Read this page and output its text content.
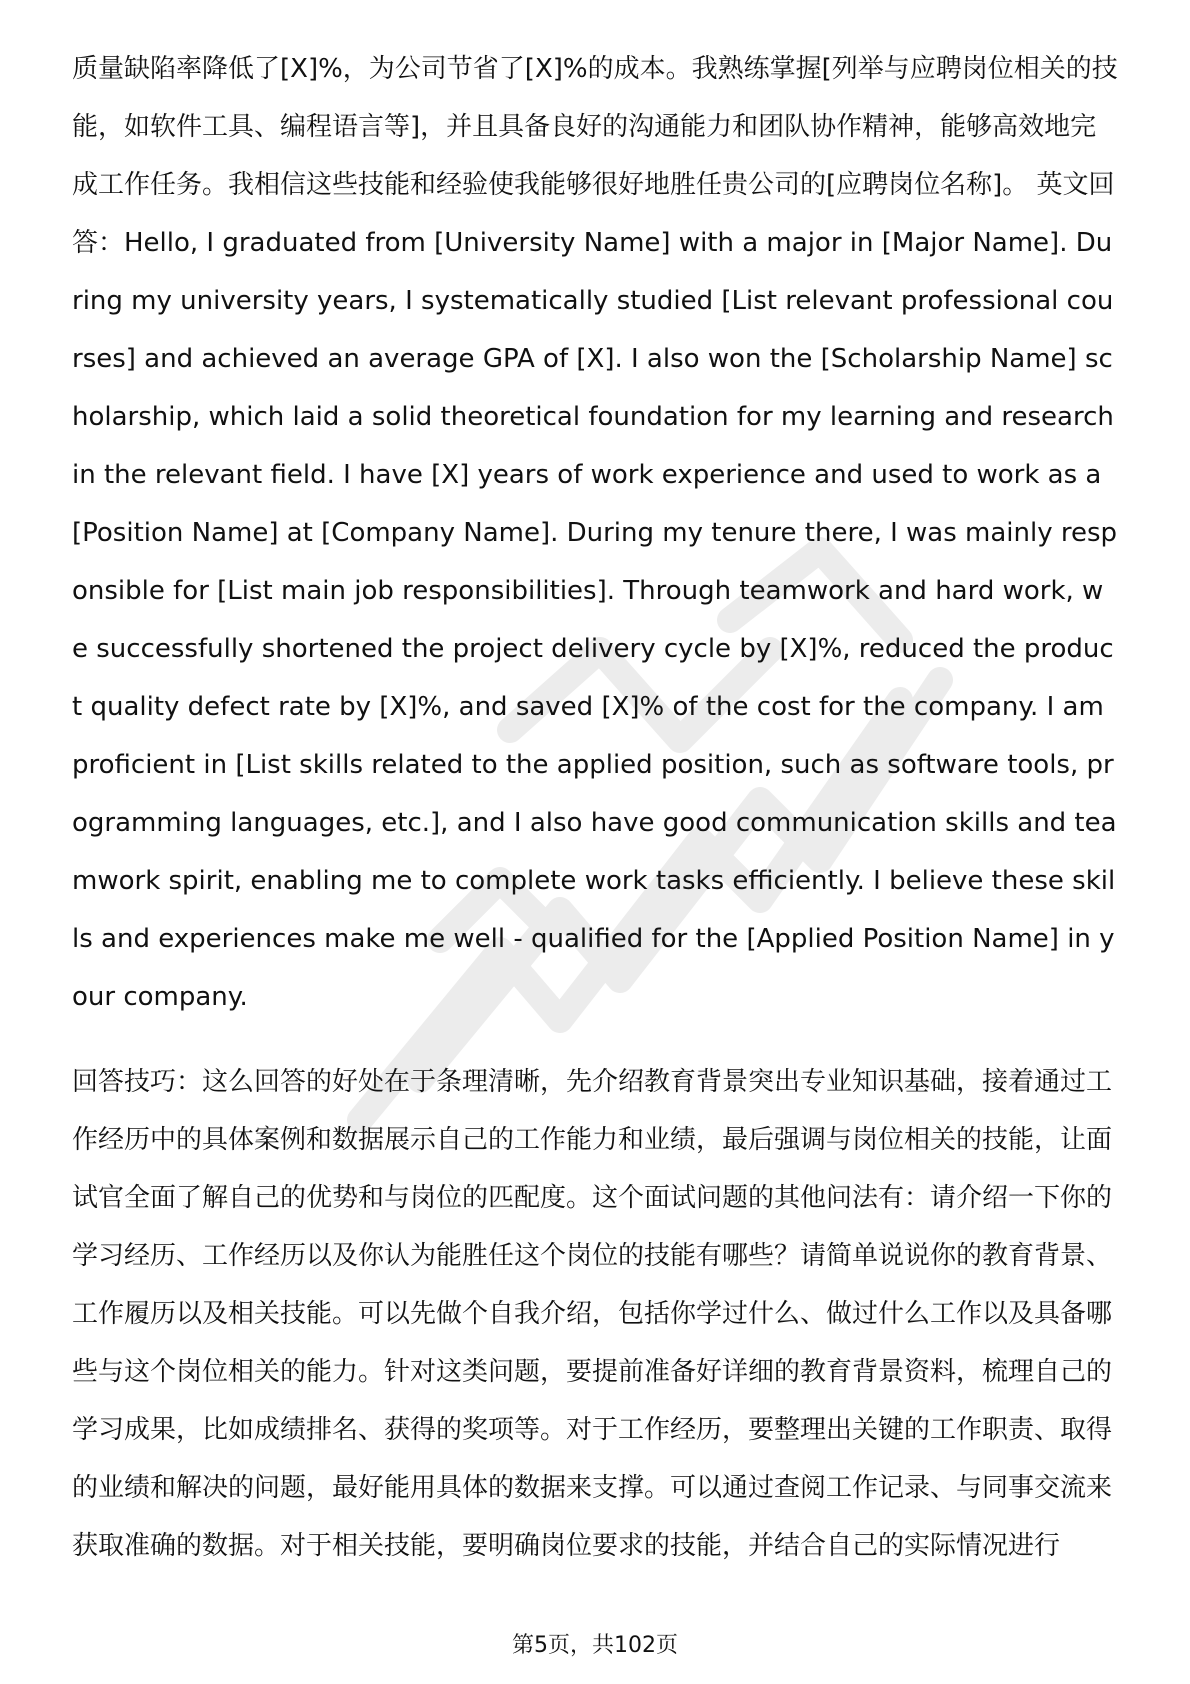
质量缺陷率降低了[X]%，为公司节省了[X]%的成本。我熟练掌握[列举与应聘岗位相关的技能，如软件工具、编程语言等]，并且具备良好的沟通能力和团队协作精神，能够高效地完成工作任务。我相信这些技能和经验使我能够很好地胜任贵公司的[应聘岗位名称]。 英文回答：Hello, I graduated from [University Name] with a major in [Major Name]. During my university years, I systematically studied [List relevant professional courses] and achieved an average GPA of [X]. I also won the [Scholarship Name] scholarship, which laid a solid theoretical foundation for my learning and research in the relevant field. I have [X] years of work experience and used to work as a [Position Name] at [Company Name]. During my tenure there, I was mainly responsible for [List main job responsibilities]. Through teamwork and hard work, we successfully shortened the project delivery cycle by [X]%, reduced the product quality defect rate by [X]%, and saved [X]% of the cost for the company. I am proficient in [List skills related to the applied position, such as software tools, programming languages, etc.], and I also have good communication skills and teamwork spirit, enabling me to complete work tasks efficiently. I believe these skills and experiences make me well - qualified for the [Applied Position Name] in your company.
回答技巧：这么回答的好处在于条理清晰，先介绍教育背景突出专业知识基础，接着通过工作经历中的具体案例和数据展示自己的工作能力和业绩，最后强调与岗位相关的技能，让面试官全面了解自己的优势和与岗位的匹配度。这个面试问题的其他问法有：请介绍一下你的学习经历、工作经历以及你认为能胜任这个岗位的技能有哪些？请简单说说你的教育背景、工作履历以及相关技能。可以先做个自我介绍，包括你学过什么、做过什么工作以及具备哪些与这个岗位相关的能力。针对这类问题，要提前准备好详细的教育背景资料，梳理自己的学习成果，比如成绩排名、获得的奖项等。对于工作经历，要整理出关键的工作职责、取得的业绩和解决的问题，最好能用具体的数据来支撑。可以通过查阅工作记录、与同事交流来获取准确的数据。对于相关技能，要明确岗位要求的技能，并结合自己的实际情况进行
第5页，共102页
